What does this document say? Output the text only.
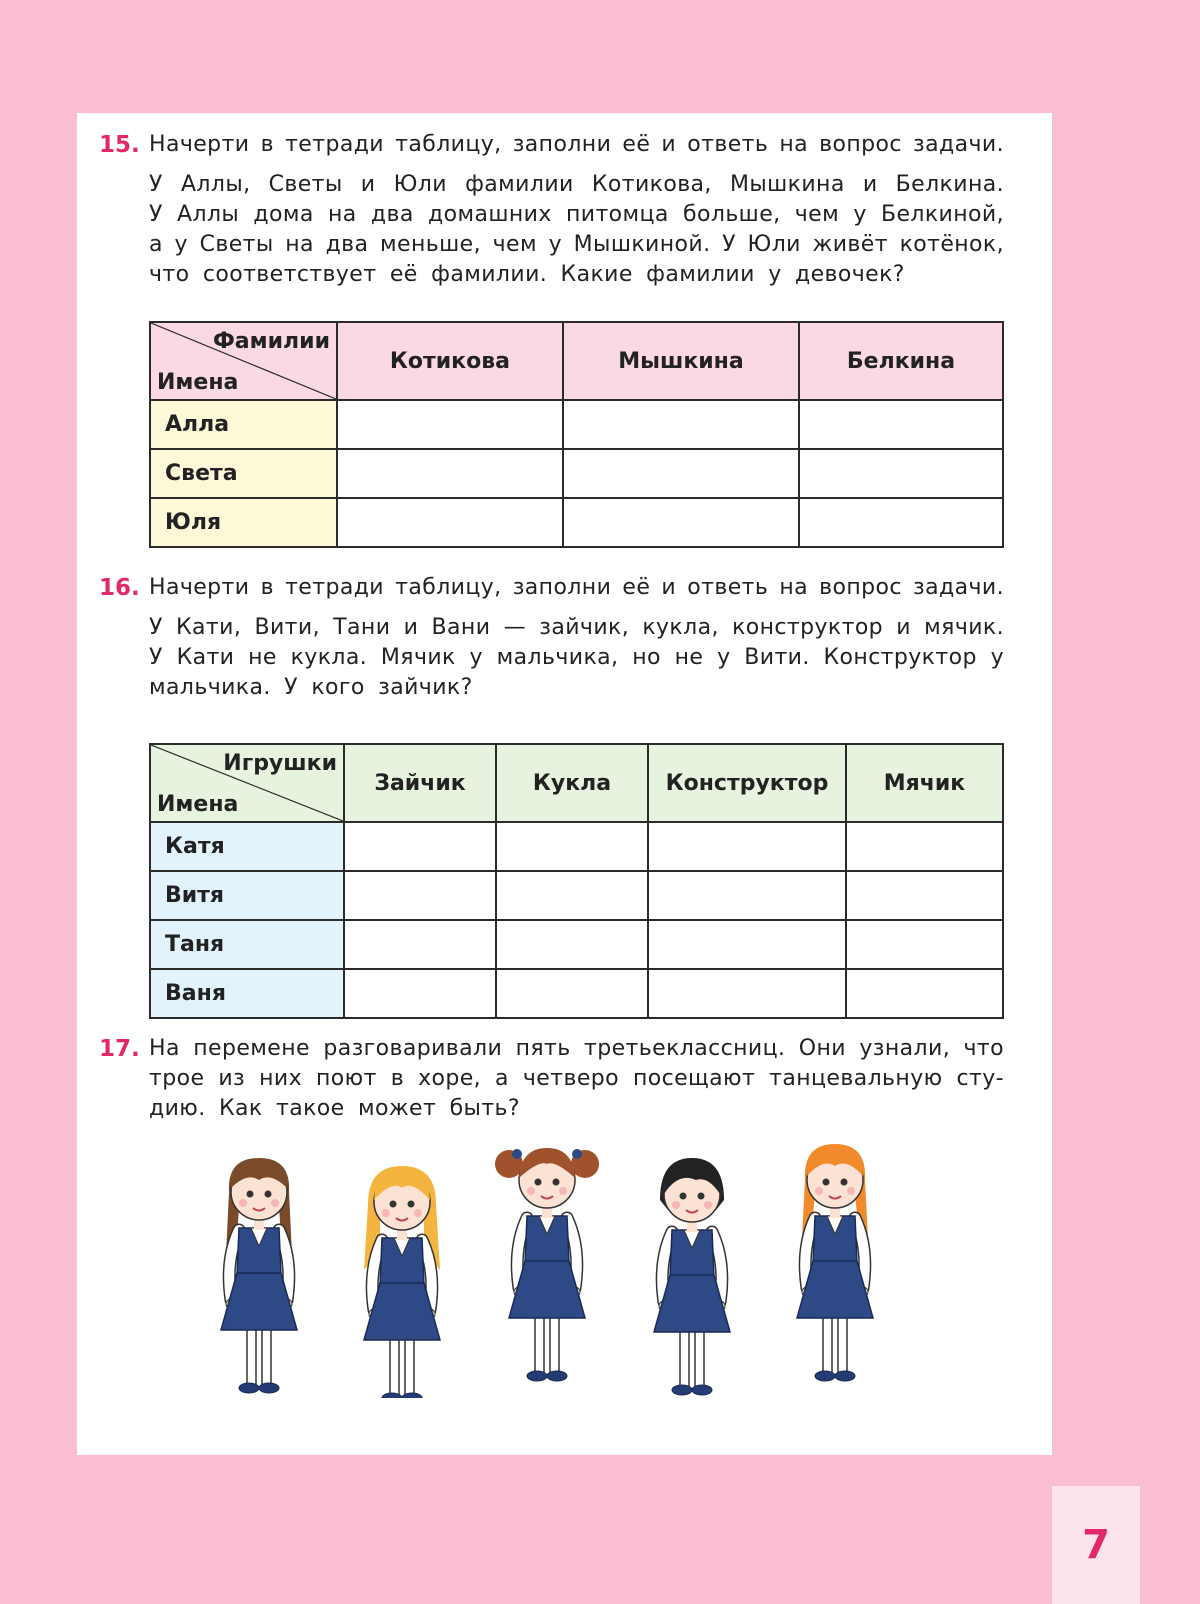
15. Начерти в тетради таблицу, заполни её и ответь на вопрос задачи.
У Аллы, Светы и Юли фамилии Котикова, Мышкина и Белкина.
У Аллы дома на два домашних питомца больше, чем у Белкиной,
а у Светы на два меньше, чем у Мышкиной. У Юли живёт котёнок,
что соответствует её фамилии. Какие фамилии у девочек?
Фамилии
Имена	Котикова	Мышкина	Белкина
Алла			
Света			
Юля			
16. Начерти в тетради таблицу, заполни её и ответь на вопрос задачи.
У Кати, Вити, Тани и Вани — зайчик, кукла, конструктор и мячик.
У Кати не кукла. Мячик у мальчика, но не у Вити. Конструктор у
мальчика. У кого зайчик?
Игрушки
Имена	Зайчик	Кукла	Конструктор	Мячик
Катя				
Витя				
Таня				
Ваня				
17. На перемене разговаривали пять третьеклассниц. Они узнали, что
трое из них поют в хоре, а четверо посещают танцевальную сту-
дию. Как такое может быть?
7
